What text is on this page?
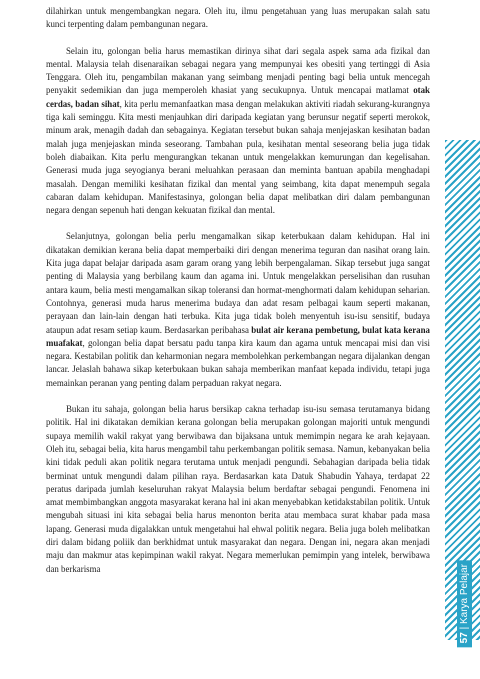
57 | Karya Pelajar

dilahirkan untuk mengembangkan negara. Oleh itu, ilmu pengetahuan yang luas merupakan salah satu kunci terpenting dalam pembangunan negara.

Selain itu, golongan belia harus memastikan dirinya sihat dari segala aspek sama ada fizikal dan mental. Malaysia telah disenaraikan sebagai negara yang mempunyai kes obesiti yang tertinggi di Asia Tenggara. Oleh itu, pengambilan makanan yang seimbang menjadi penting bagi belia untuk mencegah penyakit sedemikian dan juga memperoleh khasiat yang secukupnya. Untuk mencapai matlamat otak cerdas, badan sihat, kita perlu memanfaatkan masa dengan melakukan aktiviti riadah sekurang-kurangnya tiga kali seminggu. Kita mesti menjauhkan diri daripada kegiatan yang berunsur negatif seperti merokok, minum arak, menagih dadah dan sebagainya. Kegiatan tersebut bukan sahaja menjejaskan kesihatan badan malah juga menjejaskan minda seseorang. Tambahan pula, kesihatan mental seseorang belia juga tidak boleh diabaikan. Kita perlu mengurangkan tekanan untuk mengelakkan kemurungan dan kegelisahan. Generasi muda juga seyogianya berani meluahkan perasaan dan meminta bantuan apabila menghadapi masalah. Dengan memiliki kesihatan fizikal dan mental yang seimbang, kita dapat menempuh segala cabaran dalam kehidupan. Manifestasinya, golongan belia dapat melibatkan diri dalam pembangunan negara dengan sepenuh hati dengan kekuatan fizikal dan mental.

Selanjutnya, golongan belia perlu mengamalkan sikap keterbukaan dalam kehidupan. Hal ini dikatakan demikian kerana belia dapat memperbaiki diri dengan menerima teguran dan nasihat orang lain. Kita juga dapat belajar daripada asam garam orang yang lebih berpengalaman. Sikap tersebut juga sangat penting di Malaysia yang berbilang kaum dan agama ini. Untuk mengelakkan perselisihan dan rusuhan antara kaum, belia mesti mengamalkan sikap toleransi dan hormat-menghormati dalam kehidupan seharian. Contohnya, generasi muda harus menerima budaya dan adat resam pelbagai kaum seperti makanan, perayaan dan lain-lain dengan hati terbuka. Kita juga tidak boleh menyentuh isu-isu sensitif, budaya ataupun adat resam setiap kaum. Berdasarkan peribahasa bulat air kerana pembetung, bulat kata kerana muafakat, golongan belia dapat bersatu padu tanpa kira kaum dan agama untuk mencapai misi dan visi negara. Kestabilan politik dan keharmonian negara membolehkan perkembangan negara dijalankan dengan lancar. Jelaslah bahawa sikap keterbukaan bukan sahaja memberikan manfaat kepada individu, tetapi juga memainkan peranan yang penting dalam perpaduan rakyat negara.

Bukan itu sahaja, golongan belia harus bersikap cakna terhadap isu-isu semasa terutamanya bidang politik. Hal ini dikatakan demikian kerana golongan belia merupakan golongan majoriti untuk mengundi supaya memilih wakil rakyat yang berwibawa dan bijaksana untuk memimpin negara ke arah kejayaan. Oleh itu, sebagai belia, kita harus mengambil tahu perkembangan politik semasa. Namun, kebanyakan belia kini tidak peduli akan politik negara terutama untuk menjadi pengundi. Sebahagian daripada belia tidak berminat untuk mengundi dalam pilihan raya. Berdasarkan kata Datuk Shabudin Yahaya, terdapat 22 peratus daripada jumlah keseluruhan rakyat Malaysia belum berdaftar sebagai pengundi. Fenomena ini amat membimbangkan anggota masyarakat kerana hal ini akan menyebabkan ketidakstabilan politik. Untuk mengubah situasi ini kita sebagai belia harus menonton berita atau membaca surat khabar pada masa lapang. Generasi muda digalakkan untuk mengetahui hal ehwal politik negara. Belia juga boleh melibatkan diri dalam bidang poliik dan berkhidmat untuk masyarakat dan negara. Dengan ini, negara akan menjadi maju dan makmur atas kepimpinan wakil rakyat. Negara memerlukan pemimpin yang intelek, berwibawa dan berkarisma
